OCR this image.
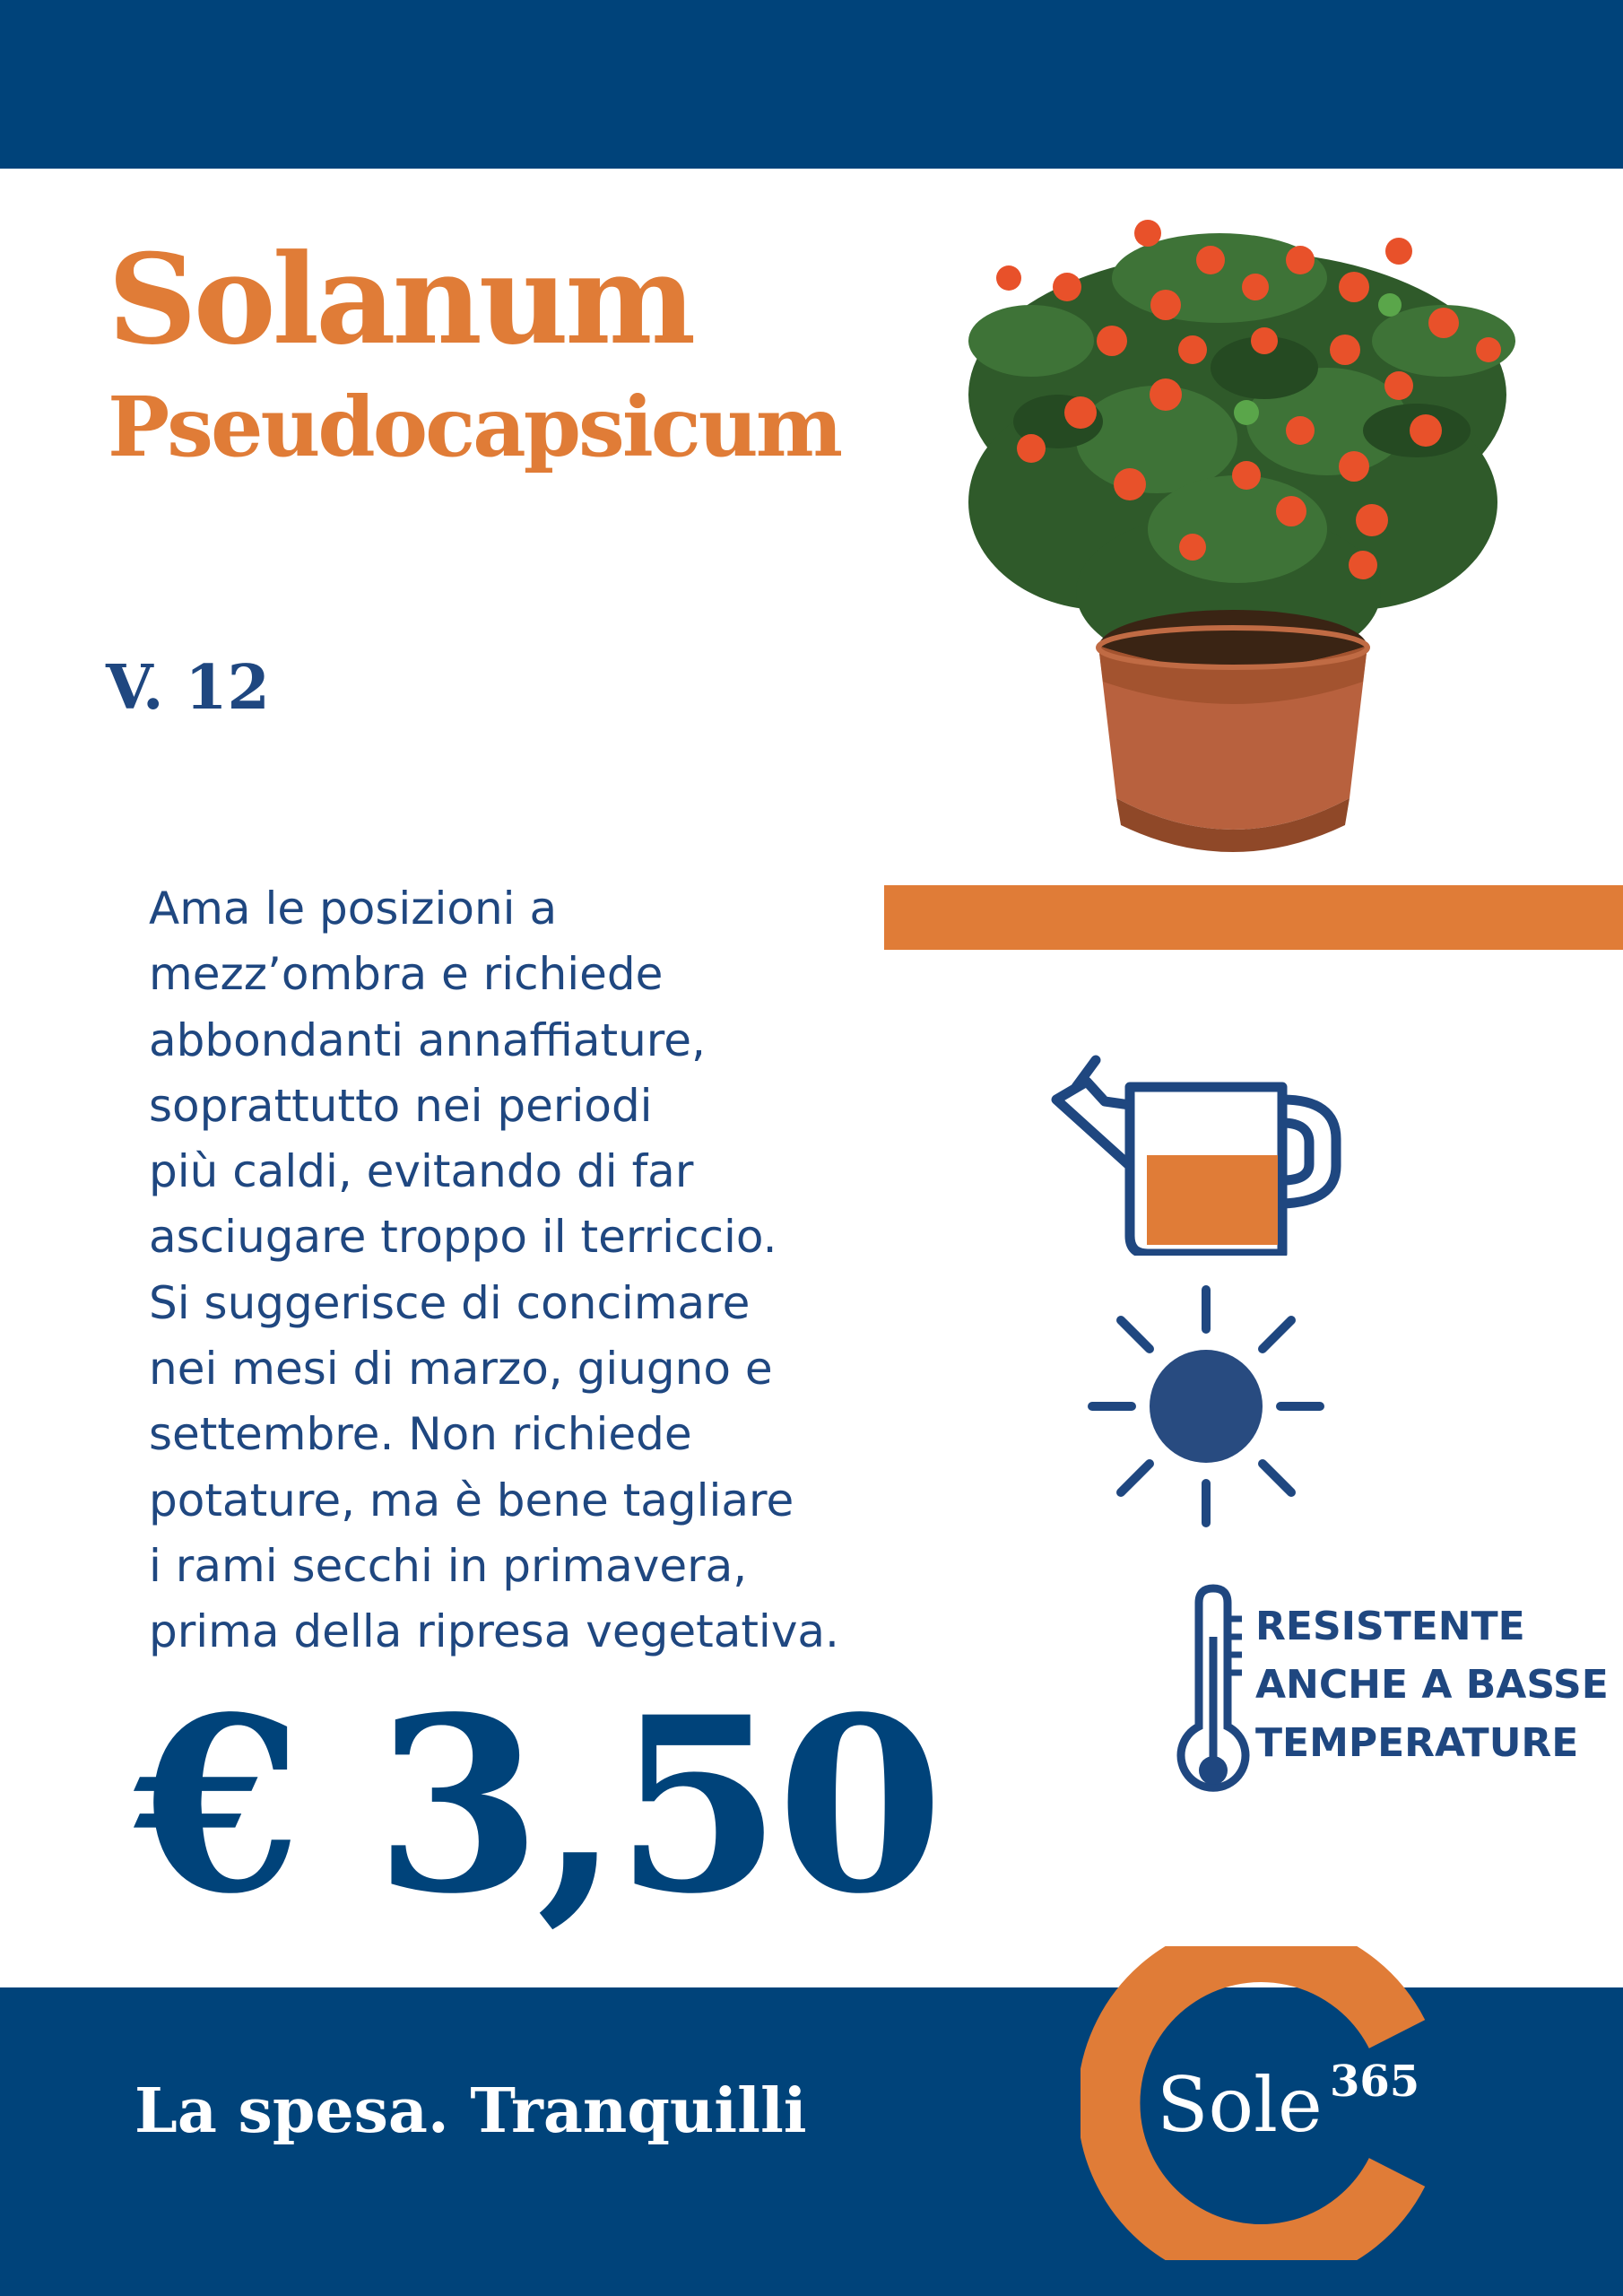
Solanum
Pseudocapsicum
V. 12
Ama le posizioni a
mezz’ombra e richiede
abbondanti annaffiature,
soprattutto nei periodi
più caldi, evitando di far
asciugare troppo il terriccio.
Si suggerisce di concimare
nei mesi di marzo, giugno e
settembre. Non richiede
potature, ma è bene tagliare
i rami secchi in primavera,
prima della ripresa vegetativa.	RESISTENTE
ANCHE A BASSE
TEMPERATURE
€ 3,50
La spesa. Tranquilli	Sole 365
